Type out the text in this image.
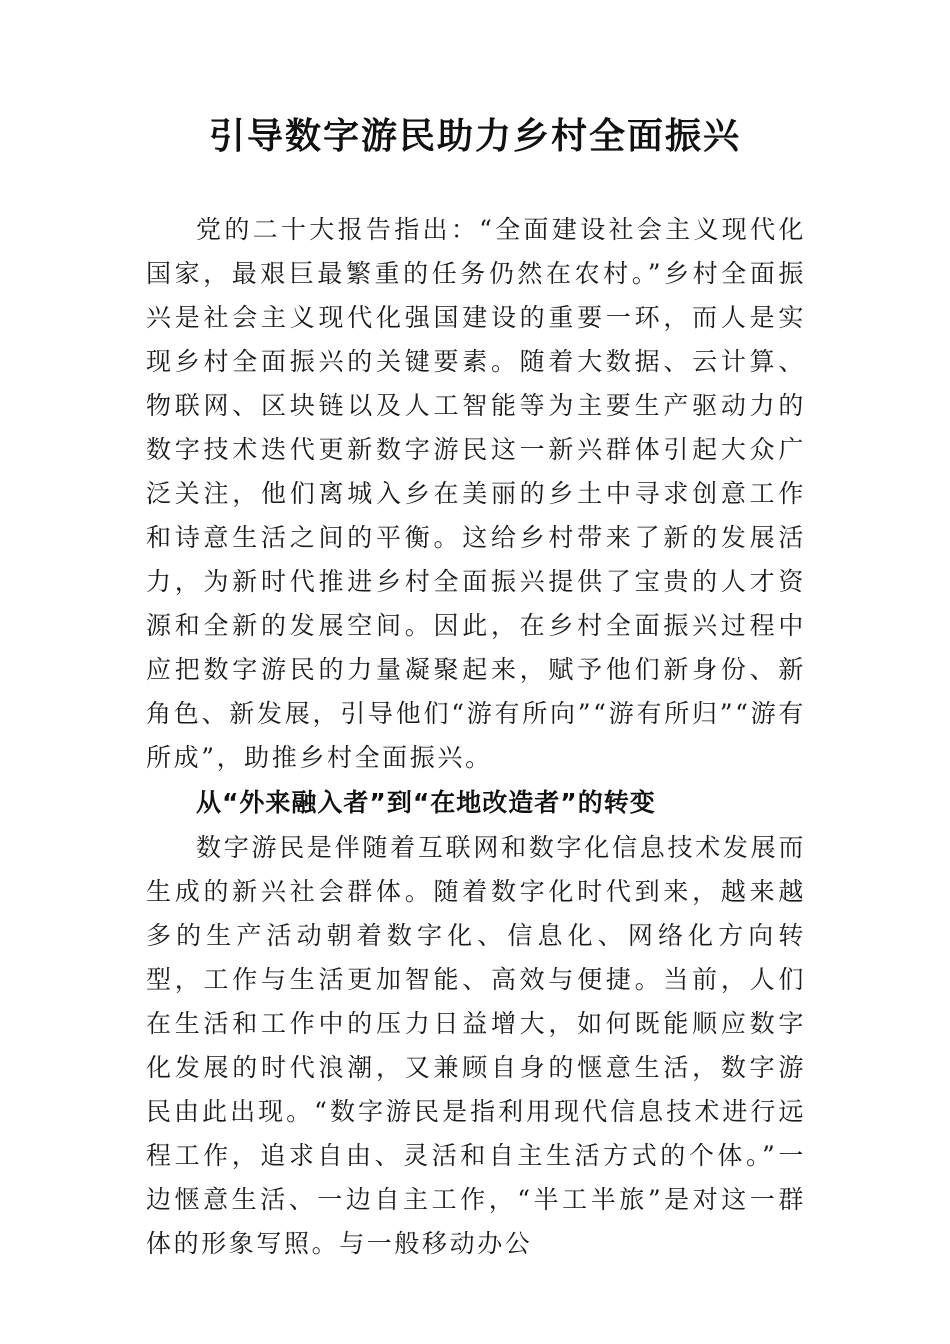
引导数字游民助力乡村全面振兴

党的二十大报告指出：“全面建设社会主义现代化国家，最艰巨最繁重的任务仍然在农村。”乡村全面振兴是社会主义现代化强国建设的重要一环，而人是实现乡村全面振兴的关键要素。随着大数据、云计算、物联网、区块链以及人工智能等为主要生产驱动力的数字技术迭代更新数字游民这一新兴群体引起大众广泛关注，他们离城入乡在美丽的乡土中寻求创意工作和诗意生活之间的平衡。这给乡村带来了新的发展活力，为新时代推进乡村全面振兴提供了宝贵的人才资源和全新的发展空间。因此，在乡村全面振兴过程中应把数字游民的力量凝聚起来，赋予他们新身份、新角色、新发展，引导他们“游有所向”“游有所归”“游有所成”，助推乡村全面振兴。

从“外来融入者”到“在地改造者”的转变

数字游民是伴随着互联网和数字化信息技术发展而生成的新兴社会群体。随着数字化时代到来，越来越多的生产活动朝着数字化、信息化、网络化方向转型，工作与生活更加智能、高效与便捷。当前，人们在生活和工作中的压力日益增大，如何既能顺应数字化发展的时代浪潮，又兼顾自身的惬意生活，数字游民由此出现。“数字游民是指利用现代信息技术进行远程工作，追求自由、灵活和自主生活方式的个体。”一边惬意生活、一边自主工作，“半工半旅”是对这一群体的形象写照。与一般移动办公
